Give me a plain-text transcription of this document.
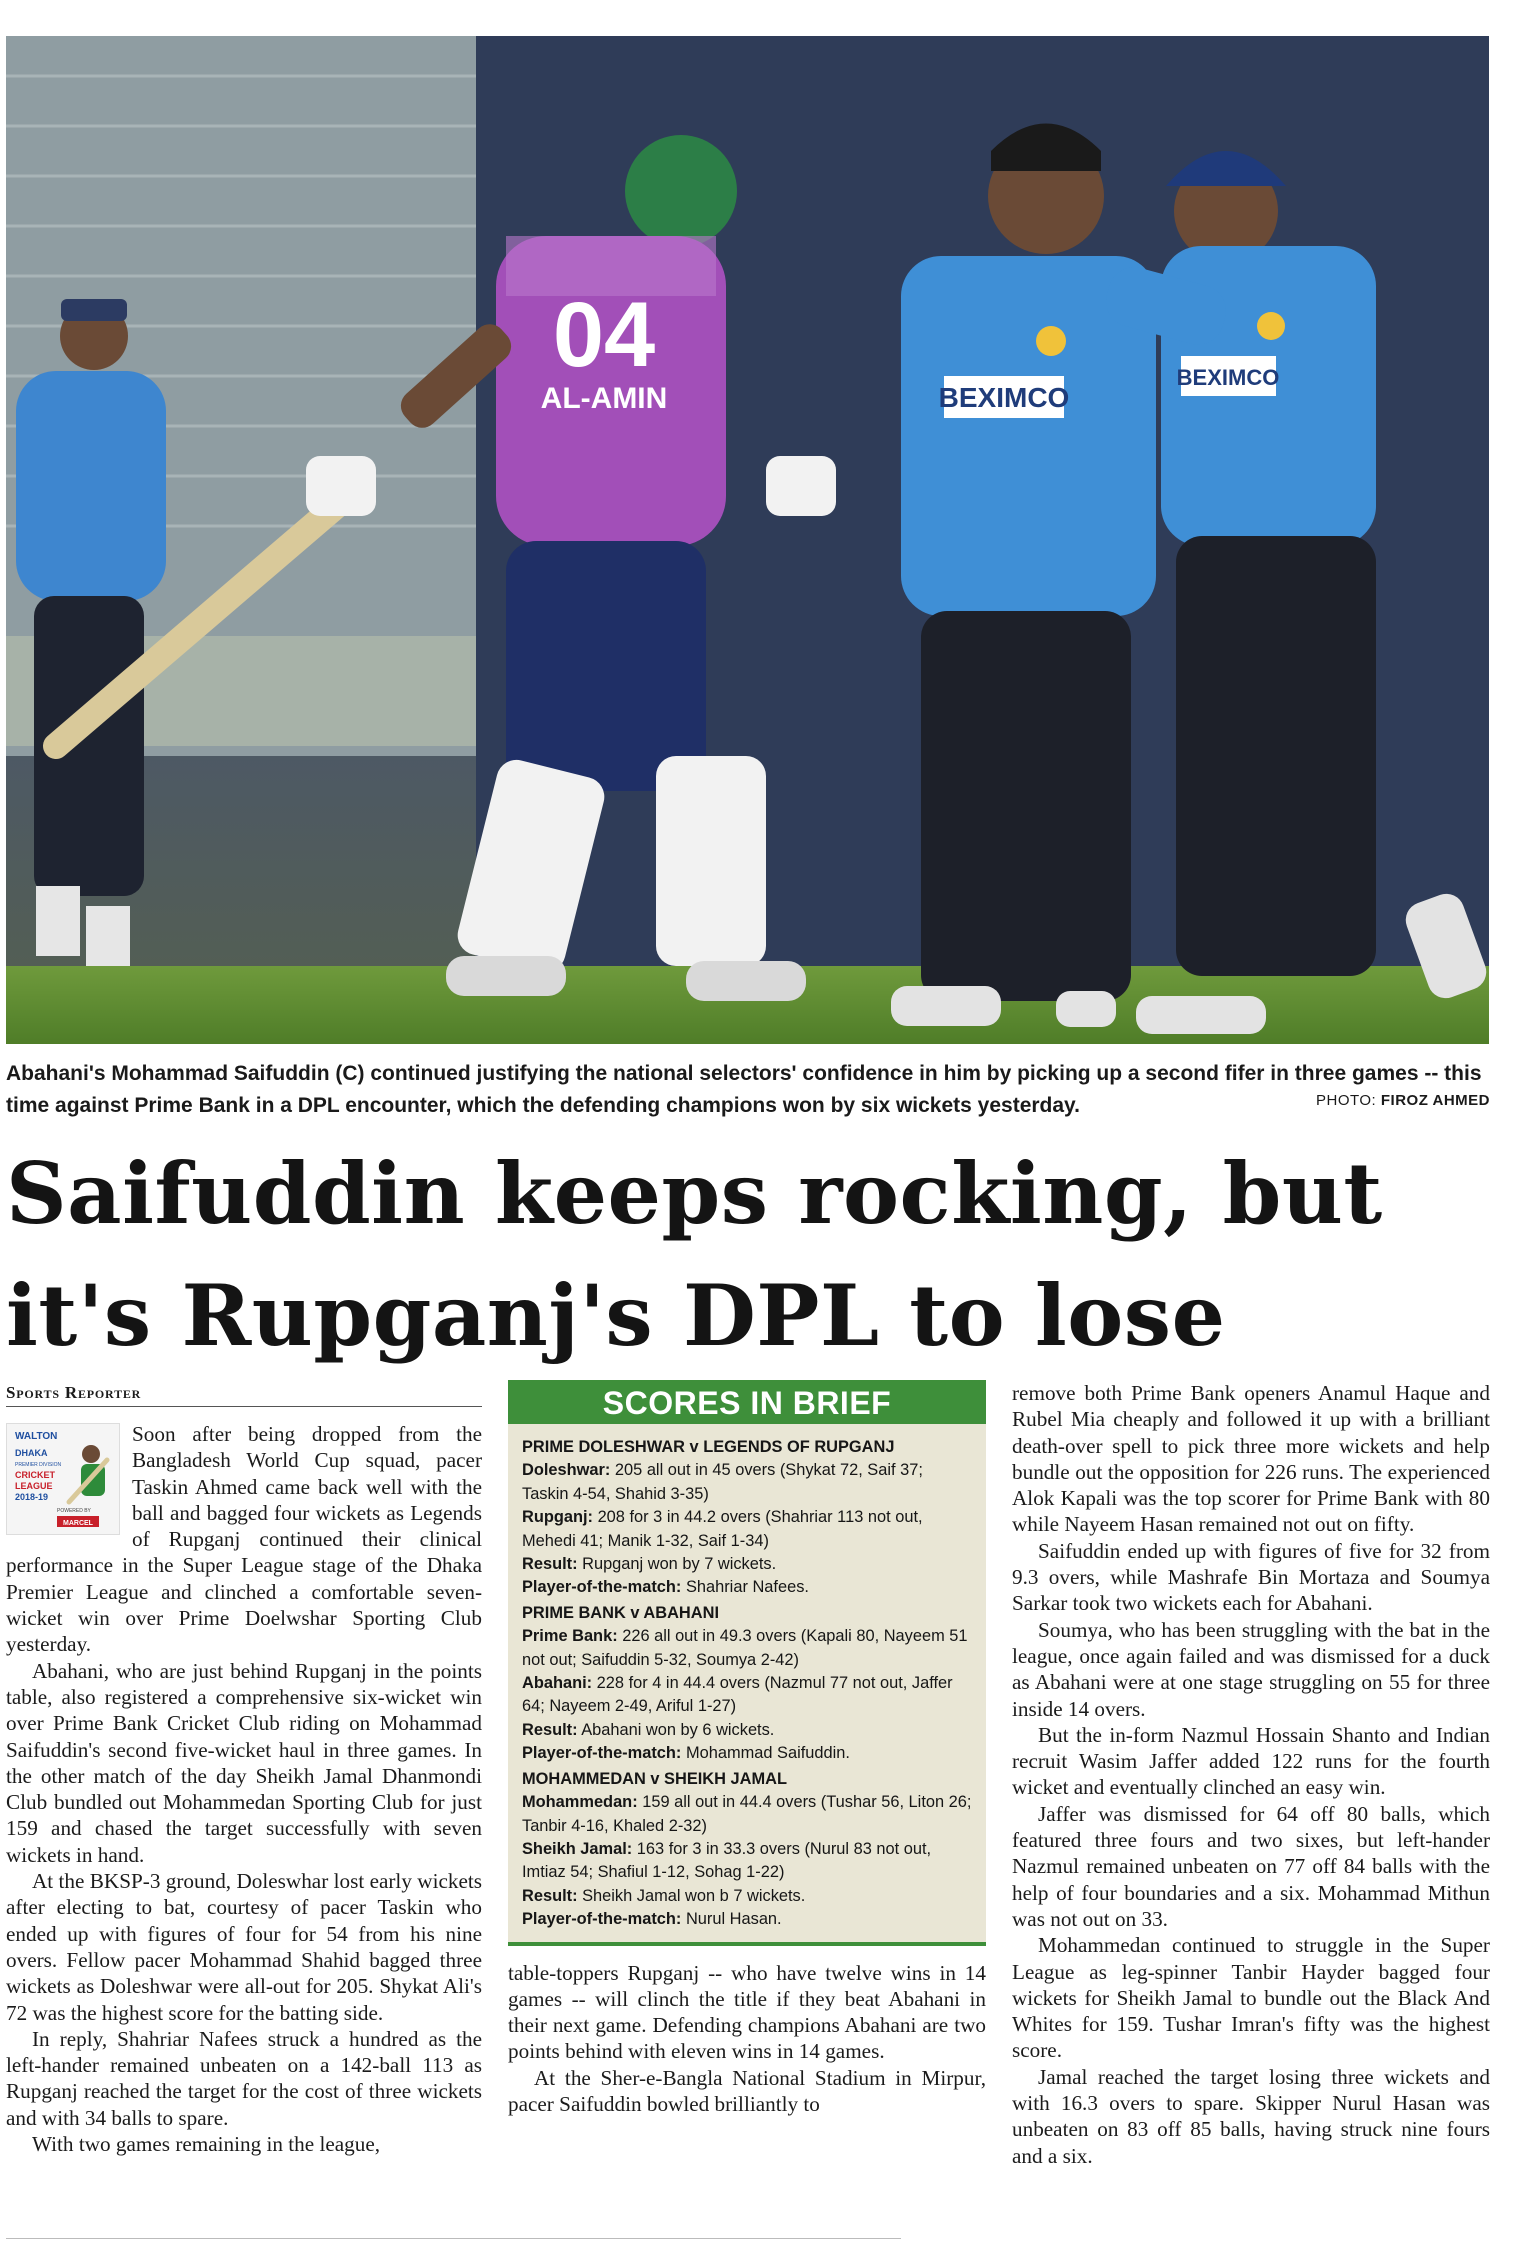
04
AL-AMIN	BEXIMCO
BEXIMCO
Abahani's Mohammad Saifuddin (C) continued justifying the national selectors' confidence in him by picking up a second fifer in three games -- this time against Prime Bank in a DPL encounter, which the defending champions won by six wickets yesterday.	PHOTO: FIROZ AHMED
Saifuddin keeps rocking, but
it's Rupganj's DPL to lose
Sports Reporter
WALTON
DHAKA
PREMIER DIVISION
CRICKET
LEAGUE
2018-19
POWERED BY
MARCEL

Soon after being dropped from the Bangladesh World Cup squad, pacer Taskin Ahmed came back well with the ball and bagged four wickets as Legends of Rupganj continued their clinical performance in the Super League stage of the Dhaka Premier League and clinched a comfortable seven-wicket win over Prime Doelwshar Sporting Club yesterday.

Abahani, who are just behind Rupganj in the points table, also registered a comprehensive six-wicket win over Prime Bank Cricket Club riding on Mohammad Saifuddin's second five-wicket haul in three games. In the other match of the day Sheikh Jamal Dhanmondi Club bundled out Mohammedan Sporting Club for just 159 and chased the target successfully with seven wickets in hand.

At the BKSP-3 ground, Doleswhar lost early wickets after electing to bat, courtesy of pacer Taskin who ended up with figures of four for 54 from his nine overs. Fellow pacer Mohammad Shahid bagged three wickets as Doleshwar were all-out for 205. Shykat Ali's 72 was the highest score for the batting side.

In reply, Shahriar Nafees struck a hundred as the left-hander remained unbeaten on a 142-ball 113 as Rupganj reached the target for the cost of three wickets and with 34 balls to spare.

With two games remaining in the league,

SCORES IN BRIEF
PRIME DOLESHWAR v LEGENDS OF RUPGANJ
Doleshwar: 205 all out in 45 overs (Shykat 72, Saif 37; Taskin 4-54, Shahid 3-35)
Rupganj: 208 for 3 in 44.2 overs (Shahriar 113 not out, Mehedi 41; Manik 1-32, Saif 1-34)
Result: Rupganj won by 7 wickets.
Player-of-the-match: Shahriar Nafees.
PRIME BANK v ABAHANI
Prime Bank: 226 all out in 49.3 overs (Kapali 80, Nayeem 51 not out; Saifuddin 5-32, Soumya 2-42)
Abahani: 228 for 4 in 44.4 overs (Nazmul 77 not out, Jaffer 64; Nayeem 2-49, Ariful 1-27)
Result: Abahani won by 6 wickets.
Player-of-the-match: Mohammad Saifuddin.
MOHAMMEDAN v SHEIKH JAMAL
Mohammedan: 159 all out in 44.4 overs (Tushar 56, Liton 26; Tanbir 4-16, Khaled 2-32)
Sheikh Jamal: 163 for 3 in 33.3 overs (Nurul 83 not out, Imtiaz 54; Shafiul 1-12, Sohag 1-22)
Result: Sheikh Jamal won b 7 wickets.
Player-of-the-match: Nurul Hasan.

table-toppers Rupganj -- who have twelve wins in 14 games -- will clinch the title if they beat Abahani in their next game. Defending champions Abahani are two points behind with eleven wins in 14 games.

At the Sher-e-Bangla National Stadium in Mirpur, pacer Saifuddin bowled brilliantly to

remove both Prime Bank openers Anamul Haque and Rubel Mia cheaply and followed it up with a brilliant death-over spell to pick three more wickets and help bundle out the opposition for 226 runs. The experienced Alok Kapali was the top scorer for Prime Bank with 80 while Nayeem Hasan remained not out on fifty.

Saifuddin ended up with figures of five for 32 from 9.3 overs, while Mashrafe Bin Mortaza and Soumya Sarkar took two wickets each for Abahani.

Soumya, who has been struggling with the bat in the league, once again failed and was dismissed for a duck as Abahani were at one stage struggling on 55 for three inside 14 overs.

But the in-form Nazmul Hossain Shanto and Indian recruit Wasim Jaffer added 122 runs for the fourth wicket and eventually clinched an easy win.

Jaffer was dismissed for 64 off 80 balls, which featured three fours and two sixes, but left-hander Nazmul remained unbeaten on 77 off 84 balls with the help of four boundaries and a six. Mohammad Mithun was not out on 33.

Mohammedan continued to struggle in the Super League as leg-spinner Tanbir Hayder bagged four wickets for Sheikh Jamal to bundle out the Black And Whites for 159. Tushar Imran's fifty was the highest score.

Jamal reached the target losing three wickets and with 16.3 overs to spare. Skipper Nurul Hasan was unbeaten on 83 off 85 balls, having struck nine fours and a six.
